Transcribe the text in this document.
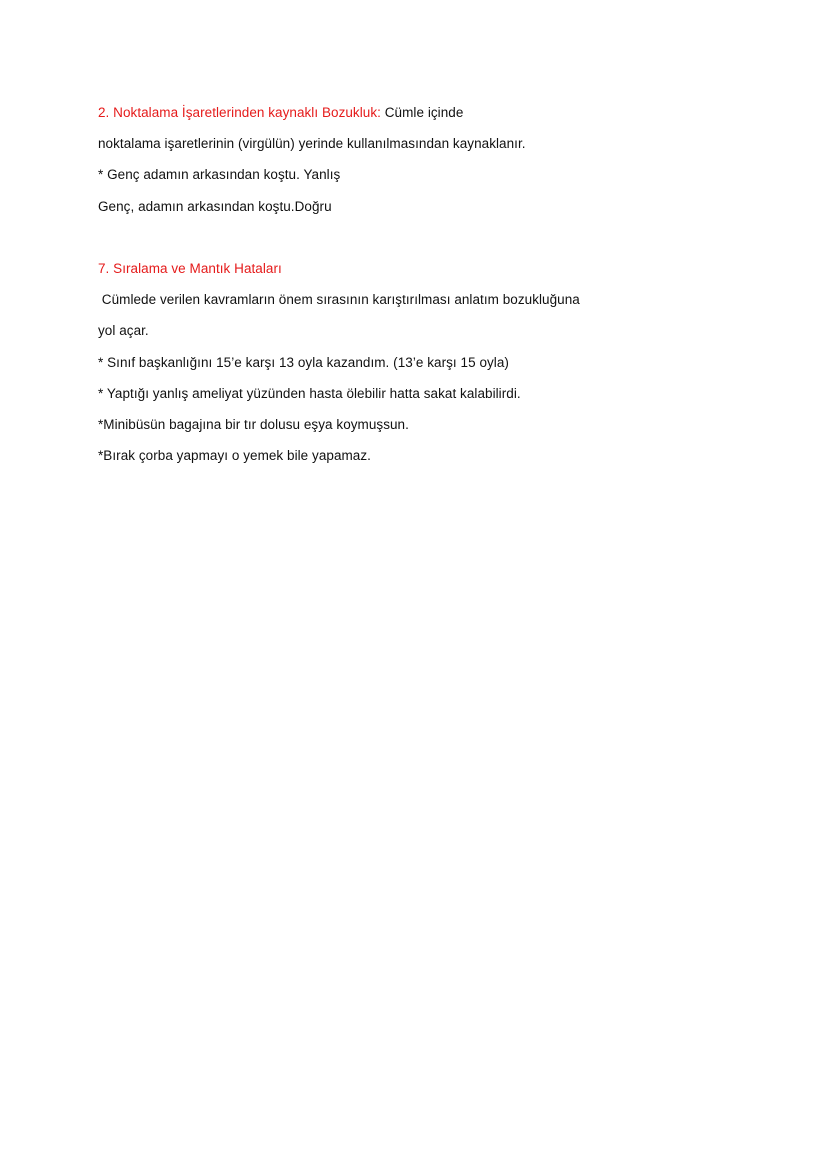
2. Noktalama İşaretlerinden kaynaklı Bozukluk: Cümle içinde
noktalama işaretlerinin (virgülün) yerinde kullanılmasından kaynaklanır.
* Genç adamın arkasından koştu. Yanlış
Genç, adamın arkasından koştu.Doğru
7. Sıralama ve Mantık Hataları
Cümlede verilen kavramların önem sırasının karıştırılması anlatım bozukluğuna
yol açar.
* Sınıf başkanlığını 15’e karşı 13 oyla kazandım. (13’e karşı 15 oyla)
* Yaptığı yanlış ameliyat yüzünden hasta ölebilir hatta sakat kalabilirdi.
*Minibüsün bagajına bir tır dolusu eşya koymuşsun.
*Bırak çorba yapmayı o yemek bile yapamaz.
